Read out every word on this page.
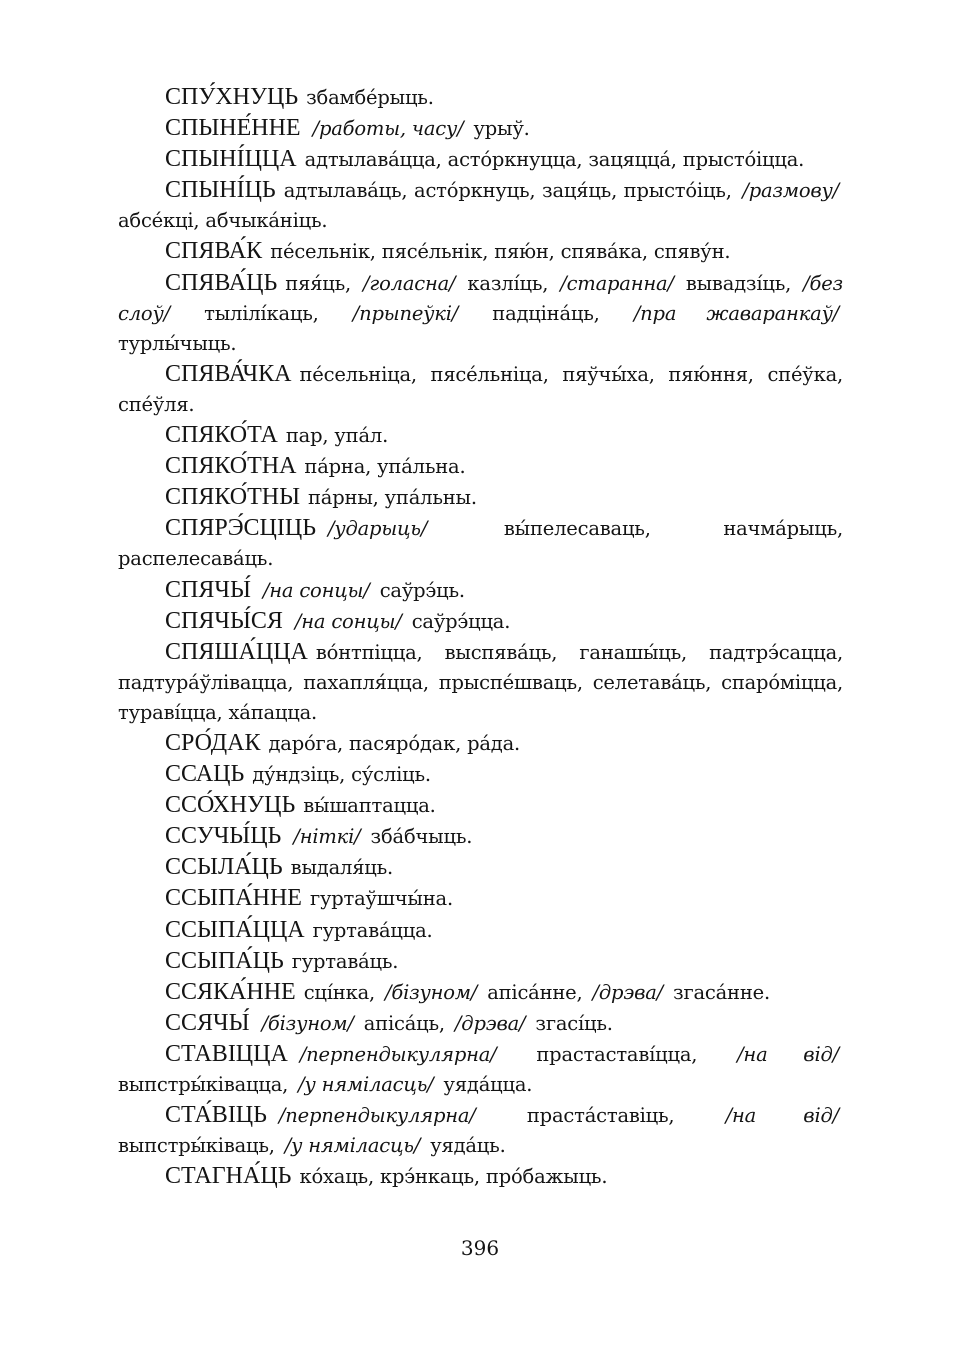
СПУ́ХНУЦЬ збамбе́рыць.

СПЫНЕ́ННЕ /работы, часу/ урыў.

СПЫНІ́ЦЦА адтылава́цца, асто́ркнуцца, зацяцца́, прысто́іцца.

СПЫНІ́ЦЬ адтылава́ць, асто́ркнуць, заця́ць, прысто́іць, /размову/ абсе́кці, абчыка́ніць.

СПЯВА́К пе́сельнік, пясе́льнік, пяю́н, спява́ка, спяву́н.

СПЯВА́ЦЬ пяя́ць, /голасна/ казлі́ць, /старанна/ вывадзі́ць, /без слоў/ тылілі́каць, /прыпеўкі/ падціна́ць, /пра жаваранкаў/ турлы́чыць.

СПЯВА́ЧКА пе́сельніца, пясе́льніца, пяўчы́ха, пяю́ння, спе́ўка, спе́ўля.

СПЯКО́ТА пар, упа́л.

СПЯКО́ТНА па́рна, упа́льна.

СПЯКО́ТНЫ па́рны, упа́льны.

СПЯРЭ́СЦІЦЬ /ударыць/	вы́пелесаваць, начма́рыць, распелесава́ць.

СПЯЧЫ́ /на сонцы/ саўрэ́ць.

СПЯЧЫ́СЯ /на сонцы/ саўрэ́цца.

СПЯША́ЦЦА во́нтпіцца, выспява́ць, ганашы́ць, падтрэ́сацца, падтура́ўлівацца, пахапля́цца, прыспе́шваць, селетава́ць, спаро́міцца, тураві́цца, ха́пацца.

СРО́ДАК даро́га, пасяро́дак, ра́да.

ССАЦЬ ду́ндзіць, су́сліць.

ССО́ХНУЦЬ вы́шаптацца.

ССУЧЫ́ЦЬ /ніткі/ зба́бчыць.

ССЫЛА́ЦЬ выдаля́ць.

ССЫПА́ННЕ гуртаўшчы́на.

ССЫПА́ЦЦА гуртава́цца.

ССЫПА́ЦЬ гуртава́ць.

ССЯКА́ННЕ сці́нка, /бізуном/ апіса́нне, /дрэва/ згаса́нне.

ССЯЧЫ́ /бізуном/ апіса́ць, /дрэва/ згасі́ць.

СТАВІЦЦА /перпендыкулярна/ прастаставі́цца, /на від/ выпстры́ківацца, /у няміласць/ уяда́цца.

СТА́ВІЦЬ /перпендыкулярна/	праста́ставіць,	/на від/ выпстры́ківаць, /у няміласць/ уяда́ць.

СТАГНА́ЦЬ ко́хаць, крэ́нкаць, про́бажыць.

396
